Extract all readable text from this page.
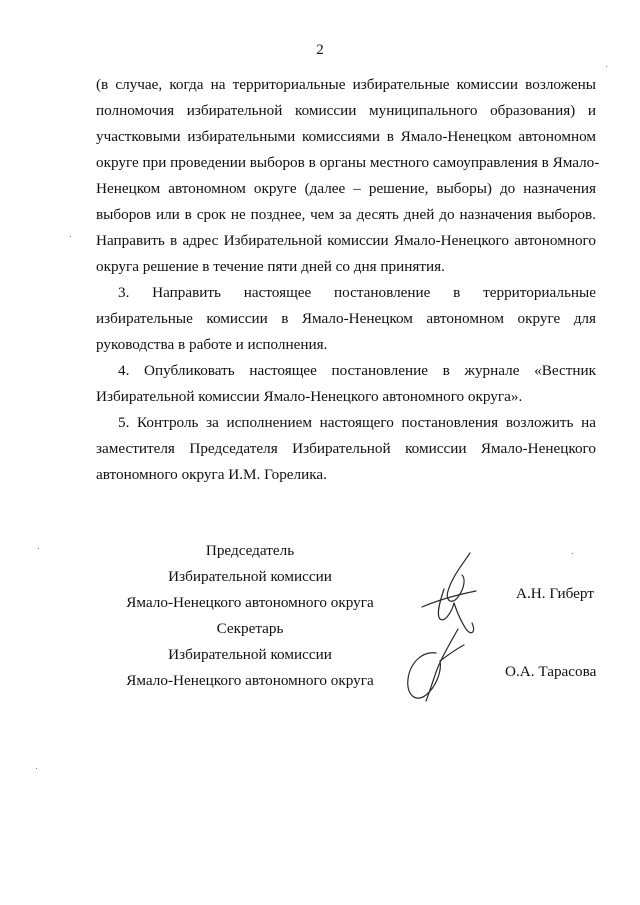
2
(в случае, когда на территориальные избирательные комиссии возложены
полномочия избирательной комиссии муниципального образования) и
участковыми избирательными комиссиями в Ямало-Ненецком автономном
округе при проведении выборов в органы местного самоуправления в Ямало-
Ненецком автономном округе (далее – решение, выборы) до назначения
выборов или в срок не позднее, чем за десять дней до назначения выборов.
Направить в адрес Избирательной комиссии Ямало-Ненецкого автономного
округа решение в течение пяти дней со дня принятия.
3. Направить настоящее постановление в территориальные
избирательные комиссии в Ямало-Ненецком автономном округе для
руководства в работе и исполнения.
4. Опубликовать настоящее постановление в журнале «Вестник
Избирательной комиссии Ямало-Ненецкого автономного округа».
5. Контроль за исполнением настоящего постановления возложить на
заместителя Председателя Избирательной комиссии Ямало-Ненецкого
автономного округа И.М. Горелика.
Председатель
Избирательной комиссии
Ямало-Ненецкого автономного округа
А.Н. Гиберт
Секретарь
Избирательной комиссии
Ямало-Ненецкого автономного округа
О.А. Тарасова
